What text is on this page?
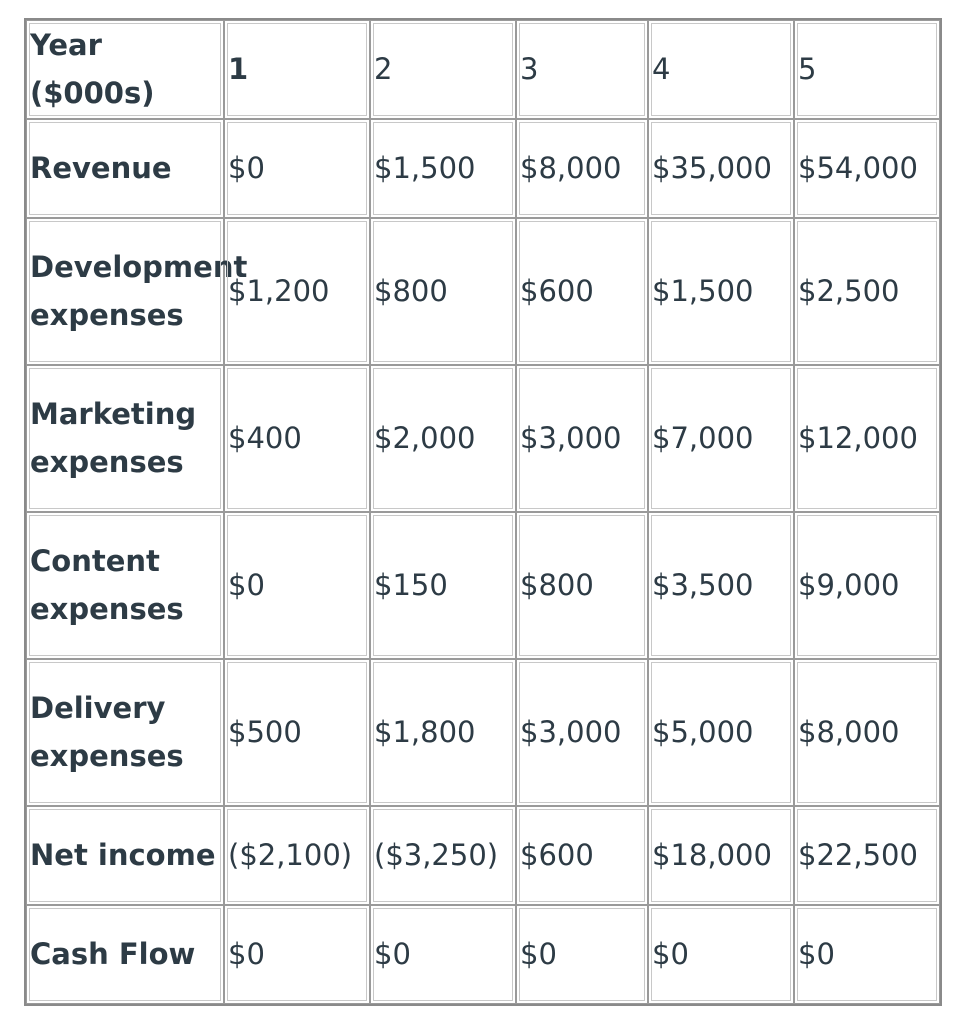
Year ($000s)	1	2	3	4	5
Revenue	$0	$1,500	$8,000	$35,000	$54,000
Development expenses	$1,200	$800	$600	$1,500	$2,500
Marketing expenses	$400	$2,000	$3,000	$7,000	$12,000
Content expenses	$0	$150	$800	$3,500	$9,000
Delivery expenses	$500	$1,800	$3,000	$5,000	$8,000
Net income	($2,100)	($3,250)	$600	$18,000	$22,500
Cash Flow	$0	$0	$0	$0	$0
